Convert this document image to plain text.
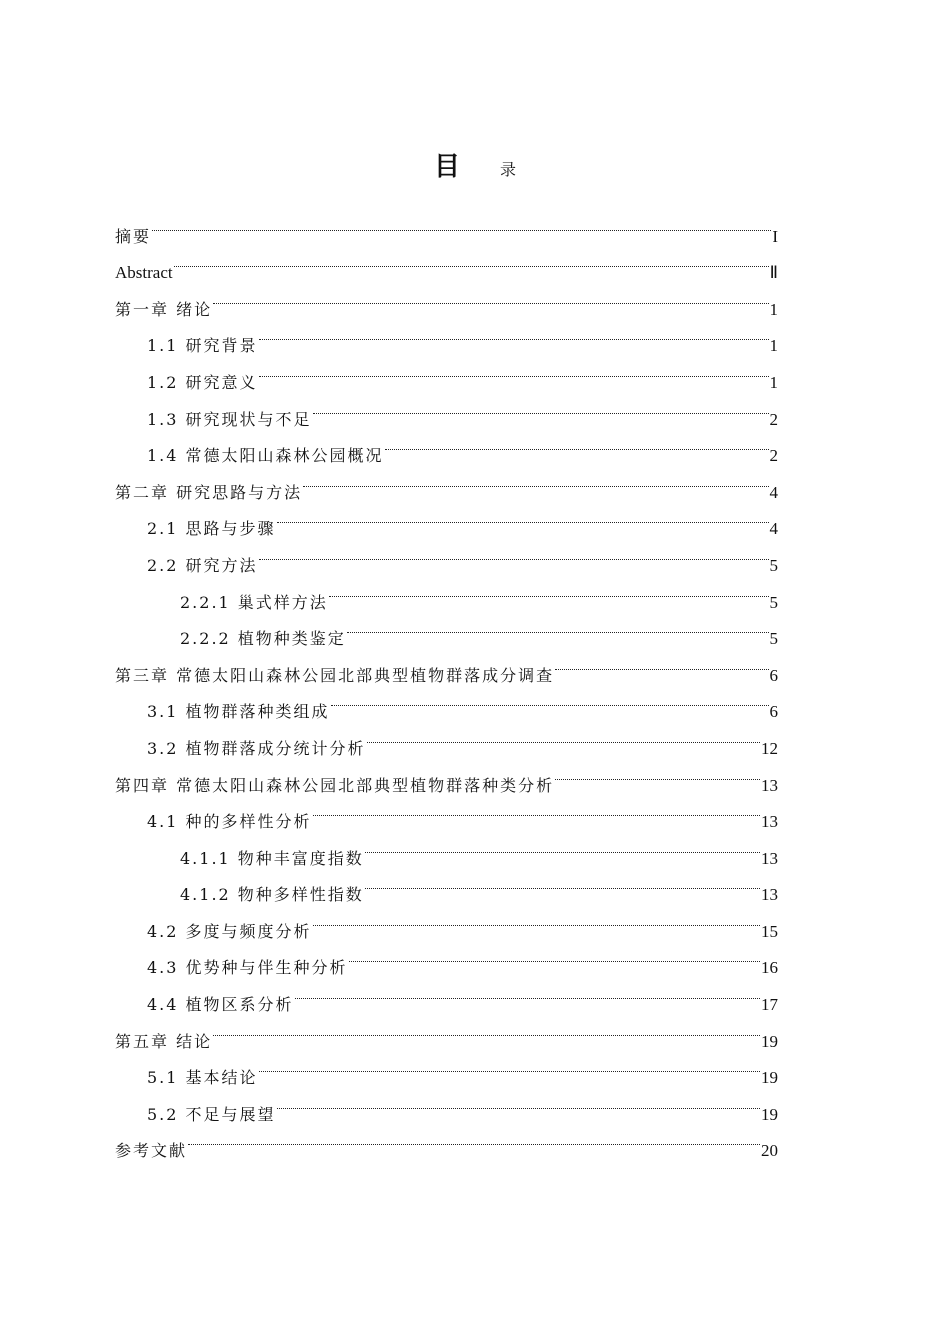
目	录
摘要	I
Abstract	Ⅱ
第一章 绪论	1
1.1 研究背景	1
1.2 研究意义	1
1.3 研究现状与不足	2
1.4 常德太阳山森林公园概况	2
第二章 研究思路与方法	4
2.1 思路与步骤	4
2.2 研究方法	5
2.2.1 巢式样方法	5
2.2.2 植物种类鉴定	5
第三章 常德太阳山森林公园北部典型植物群落成分调查	6
3.1 植物群落种类组成	6
3.2 植物群落成分统计分析	12
第四章 常德太阳山森林公园北部典型植物群落种类分析	13
4.1 种的多样性分析	13
4.1.1 物种丰富度指数	13
4.1.2 物种多样性指数	13
4.2 多度与频度分析	15
4.3 优势种与伴生种分析	16
4.4 植物区系分析	17
第五章 结论	19
5.1 基本结论	19
5.2 不足与展望	19
参考文献	20
